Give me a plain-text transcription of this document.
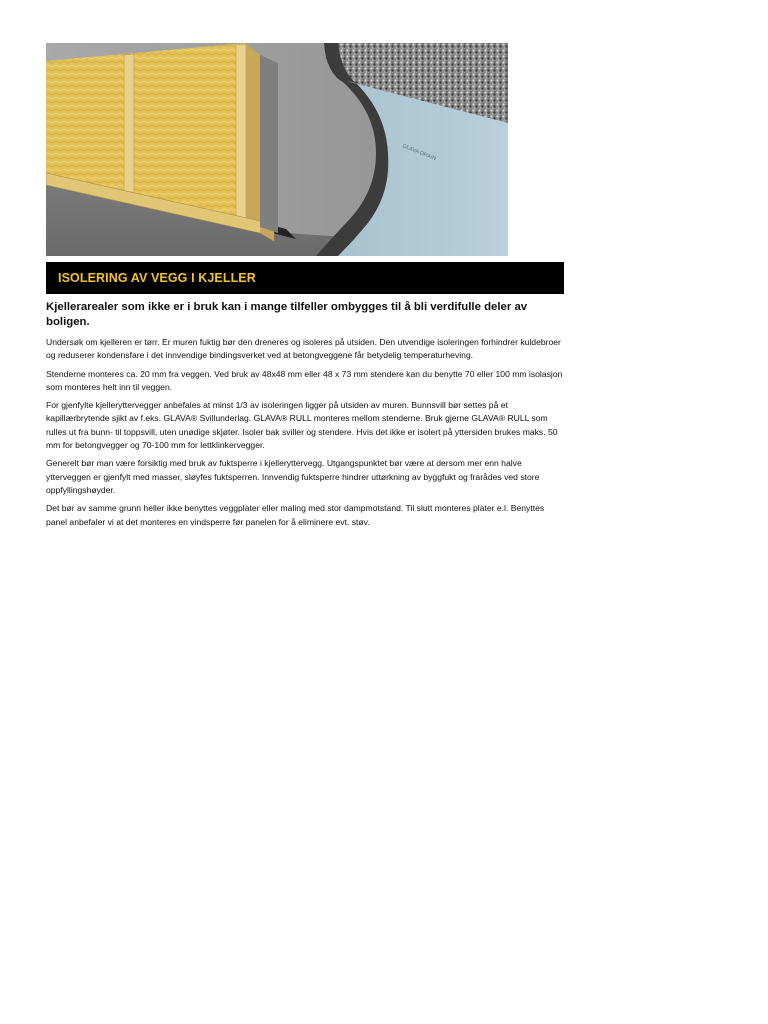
GLAVA DRAIN
ISOLERING AV VEGG I KJELLER

Kjellerarealer som ikke er i bruk kan i mange tilfeller ombygges til å bli verdifulle deler av boligen.

Undersøk om kjelleren er tørr. Er muren fuktig bør den dreneres og isoleres på utsiden. Den utvendige isoleringen forhindrer kuldebroer og reduserer kondensfare i det innvendige bindingsverket ved at betongveggene får betydelig temperaturheving.

Stenderne monteres ca. 20 mm fra veggen. Ved bruk av 48x48 mm eller 48 x 73 mm stendere kan du benytte 70 eller 100 mm isolasjon som monteres helt inn til veggen.

For gjenfylte kjelleryttervegger anbefales at minst 1/3 av isoleringen ligger på utsiden av muren. Bunnsvill bør settes på et kapillærbrytende sjikt av f.eks. GLAVA® Svillunderlag. GLAVA® RULL monteres mellom stenderne. Bruk gjerne GLAVA® RULL som rulles ut fra bunn- til toppsvill, uten unødige skjøter. Isoler bak sviller og stendere. Hvis det ikke er isolert på yttersiden brukes maks. 50 mm for betongvegger og 70-100 mm for lettklinkervegger.

Generelt bør man være forsiktig med bruk av fuktsperre i kjelleryttervegg. Utgangspunktet bør være at dersom mer enn halve ytterveggen er gjenfylt med masser, sløyfes fuktsperren. Innvendig fuktsperre hindrer uttørkning av byggfukt og frarådes ved store oppfyllingshøyder.

Det bør av samme grunn heller ikke benyttes veggplater eller maling med stor dampmotstand. Til slutt monteres plater e.l. Benyttes panel anbefaler vi at det monteres en vindsperre før panelen for å eliminere evt. støv.
